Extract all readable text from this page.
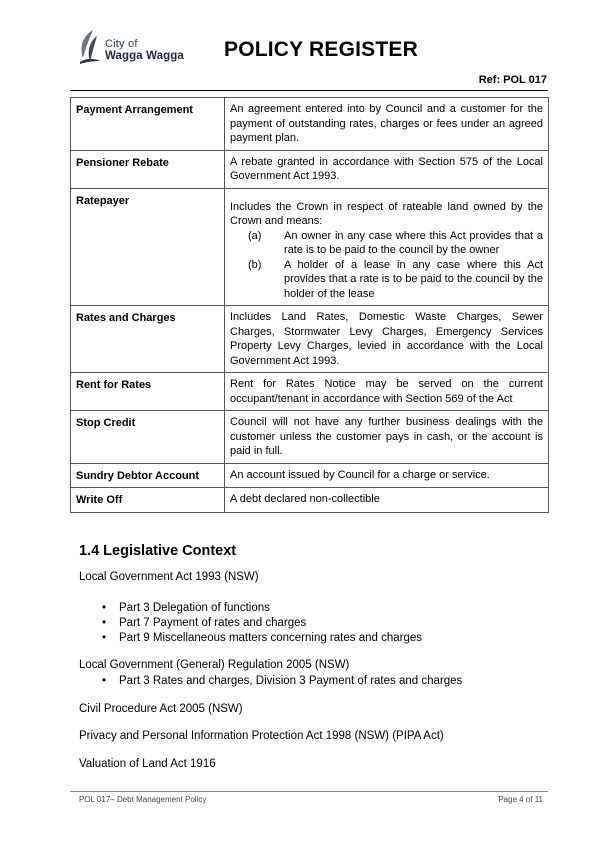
City of
Wagga Wagga POLICY REGISTER
Ref: POL 017
Payment Arrangement	An agreement entered into by Council and a customer for the payment of outstanding rates, charges or fees under an agreed payment plan.
Pensioner Rebate	A rebate granted in accordance with Section 575 of the Local Government Act 1993.
Ratepayer	Includes the Crown in respect of rateable land owned by the Crown and means:
(a) An owner in any case where this Act provides that a rate is to be paid to the council by the owner
(b) A holder of a lease in any case where this Act provides that a rate is to be paid to the council by the holder of the lease

Rates and Charges	Includes Land Rates, Domestic Waste Charges, Sewer Charges, Stormwater Levy Charges, Emergency Services Property Levy Charges, levied in accordance with the Local Government Act 1993.
Rent for Rates	Rent for Rates Notice may be served on the current occupant/tenant in accordance with Section 569 of the Act
Stop Credit	Council will not have any further business dealings with the customer unless the customer pays in cash, or the account is paid in full.
Sundry Debtor Account	An account issued by Council for a charge or service.
Write Off	A debt declared non-collectible
1.4 Legislative Context
Local Government Act 1993 (NSW)
• Part 3 Delegation of functions
• Part 7 Payment of rates and charges
• Part 9 Miscellaneous matters concerning rates and charges
Local Government (General) Regulation 2005 (NSW)
• Part 3 Rates and charges, Division 3 Payment of rates and charges
Civil Procedure Act 2005 (NSW)
Privacy and Personal Information Protection Act 1998 (NSW) (PIPA Act)
Valuation of Land Act 1916
POL 017– Debt Management Policy	Page 4 of 11
